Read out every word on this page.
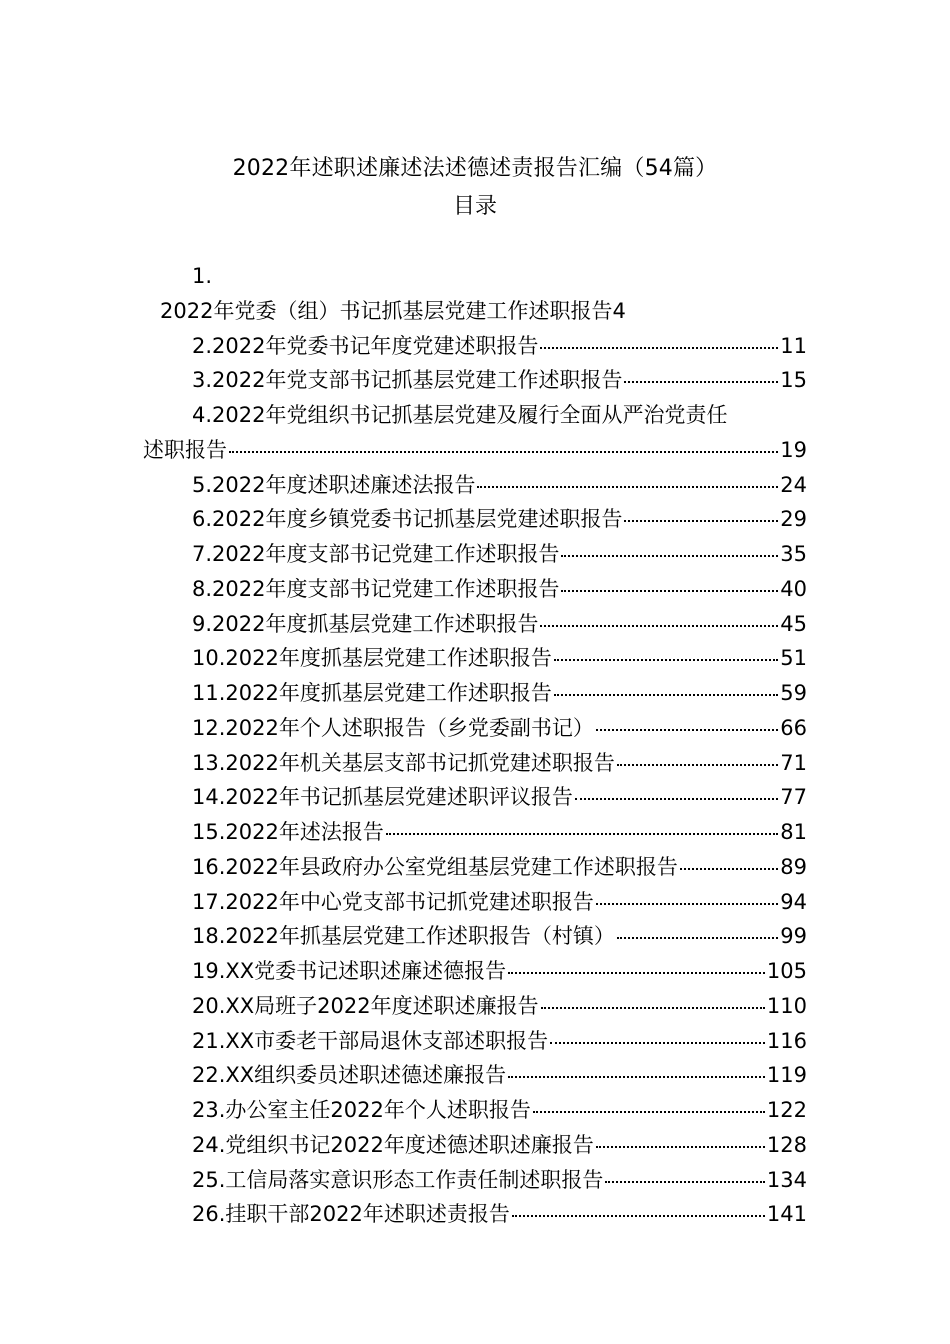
2022年述职述廉述法述德述责报告汇编（54篇）
目录
1.
2022年党委（组）书记抓基层党建工作述职报告4
2.2022年党委书记年度党建述职报告	11
3.2022年党支部书记抓基层党建工作述职报告	15
4.2022年党组织书记抓基层党建及履行全面从严治党责任
述职报告	19
5.2022年度述职述廉述法报告	24
6.2022年度乡镇党委书记抓基层党建述职报告	29
7.2022年度支部书记党建工作述职报告	35
8.2022年度支部书记党建工作述职报告	40
9.2022年度抓基层党建工作述职报告	45
10.2022年度抓基层党建工作述职报告	51
11.2022年度抓基层党建工作述职报告	59
12.2022年个人述职报告（乡党委副书记）	66
13.2022年机关基层支部书记抓党建述职报告	71
14.2022年书记抓基层党建述职评议报告	77
15.2022年述法报告	81
16.2022年县政府办公室党组基层党建工作述职报告	89
17.2022年中心党支部书记抓党建述职报告	94
18.2022年抓基层党建工作述职报告（村镇）	99
19.XX党委书记述职述廉述德报告	105
20.XX局班子2022年度述职述廉报告	110
21.XX市委老干部局退休支部述职报告	116
22.XX组织委员述职述德述廉报告	119
23.办公室主任2022年个人述职报告	122
24.党组织书记2022年度述德述职述廉报告	128
25.工信局落实意识形态工作责任制述职报告	134
26.挂职干部2022年述职述责报告	141
